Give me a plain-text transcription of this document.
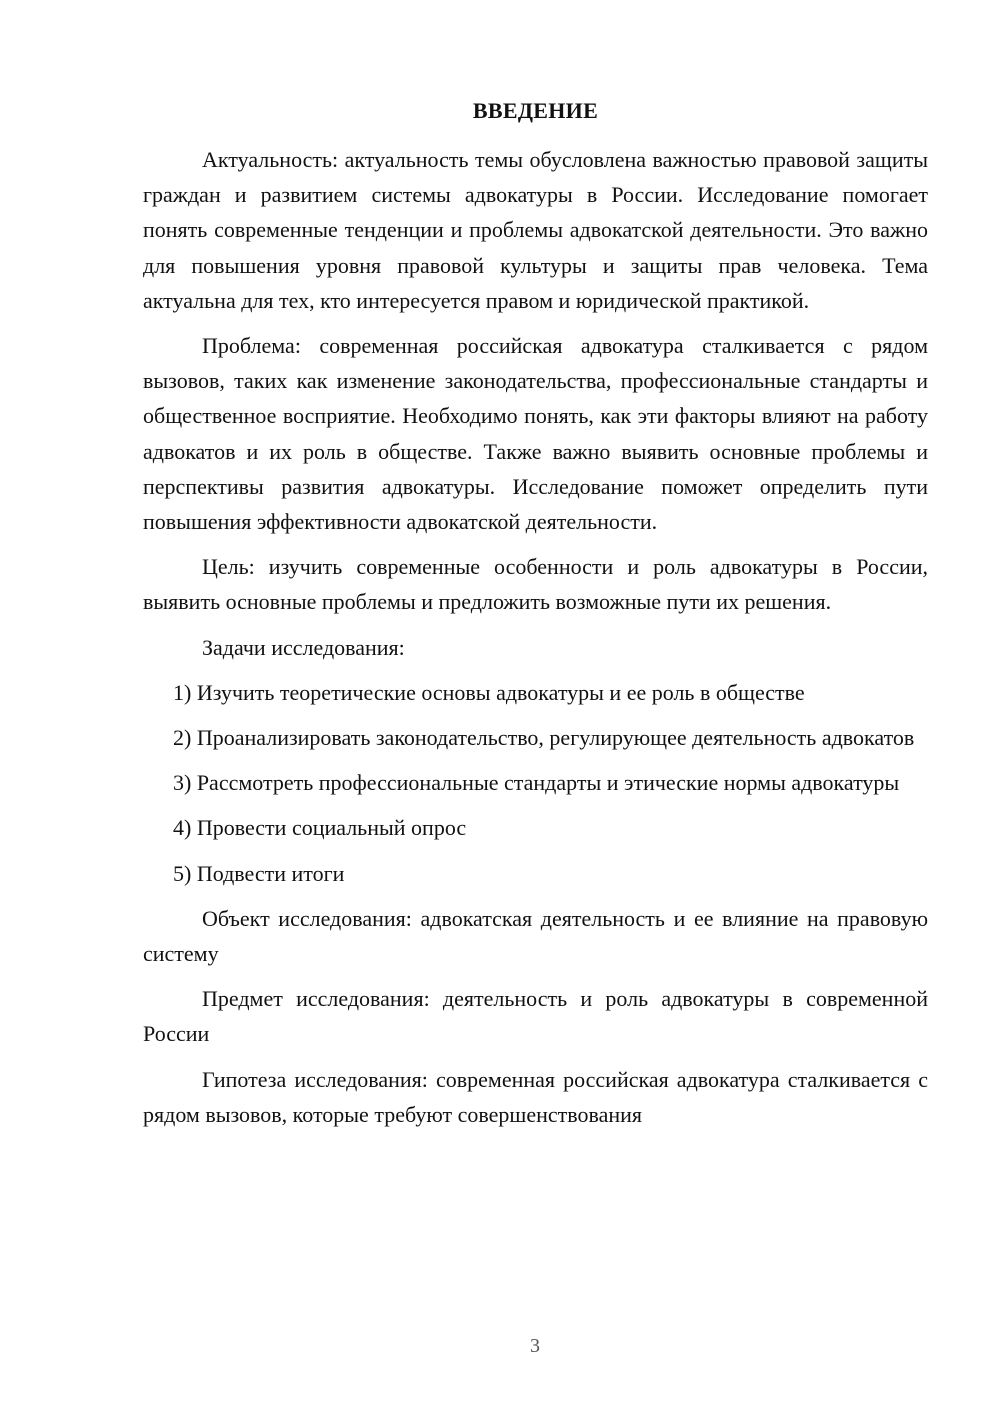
ВВЕДЕНИЕ

Актуальность: актуальность темы обусловлена важностью правовой защиты граждан и развитием системы адвокатуры в России. Исследование помогает понять современные тенденции и проблемы адвокатской деятельности. Это важно для повышения уровня правовой культуры и защиты прав человека. Тема актуальна для тех, кто интересуется правом и юридической практикой.

Проблема: современная российская адвокатура сталкивается с рядом вызовов, таких как изменение законодательства, профессиональные стандарты и общественное восприятие. Необходимо понять, как эти факторы влияют на работу адвокатов и их роль в обществе. Также важно выявить основные проблемы и перспективы развития адвокатуры. Исследование поможет определить пути повышения эффективности адвокатской деятельности.

Цель: изучить современные особенности и роль адвокатуры в России, выявить основные проблемы и предложить возможные пути их решения.

Задачи исследования:

1) Изучить теоретические основы адвокатуры и ее роль в обществе

2) Проанализировать законодательство, регулирующее деятельность адвокатов

3) Рассмотреть профессиональные стандарты и этические нормы адвокатуры

4) Провести социальный опрос

5) Подвести итоги

Объект исследования: адвокатская деятельность и ее влияние на правовую систему

Предмет исследования: деятельность и роль адвокатуры в современной России

Гипотеза исследования: современная российская адвокатура сталкивается с рядом вызовов, которые требуют совершенствования

3
